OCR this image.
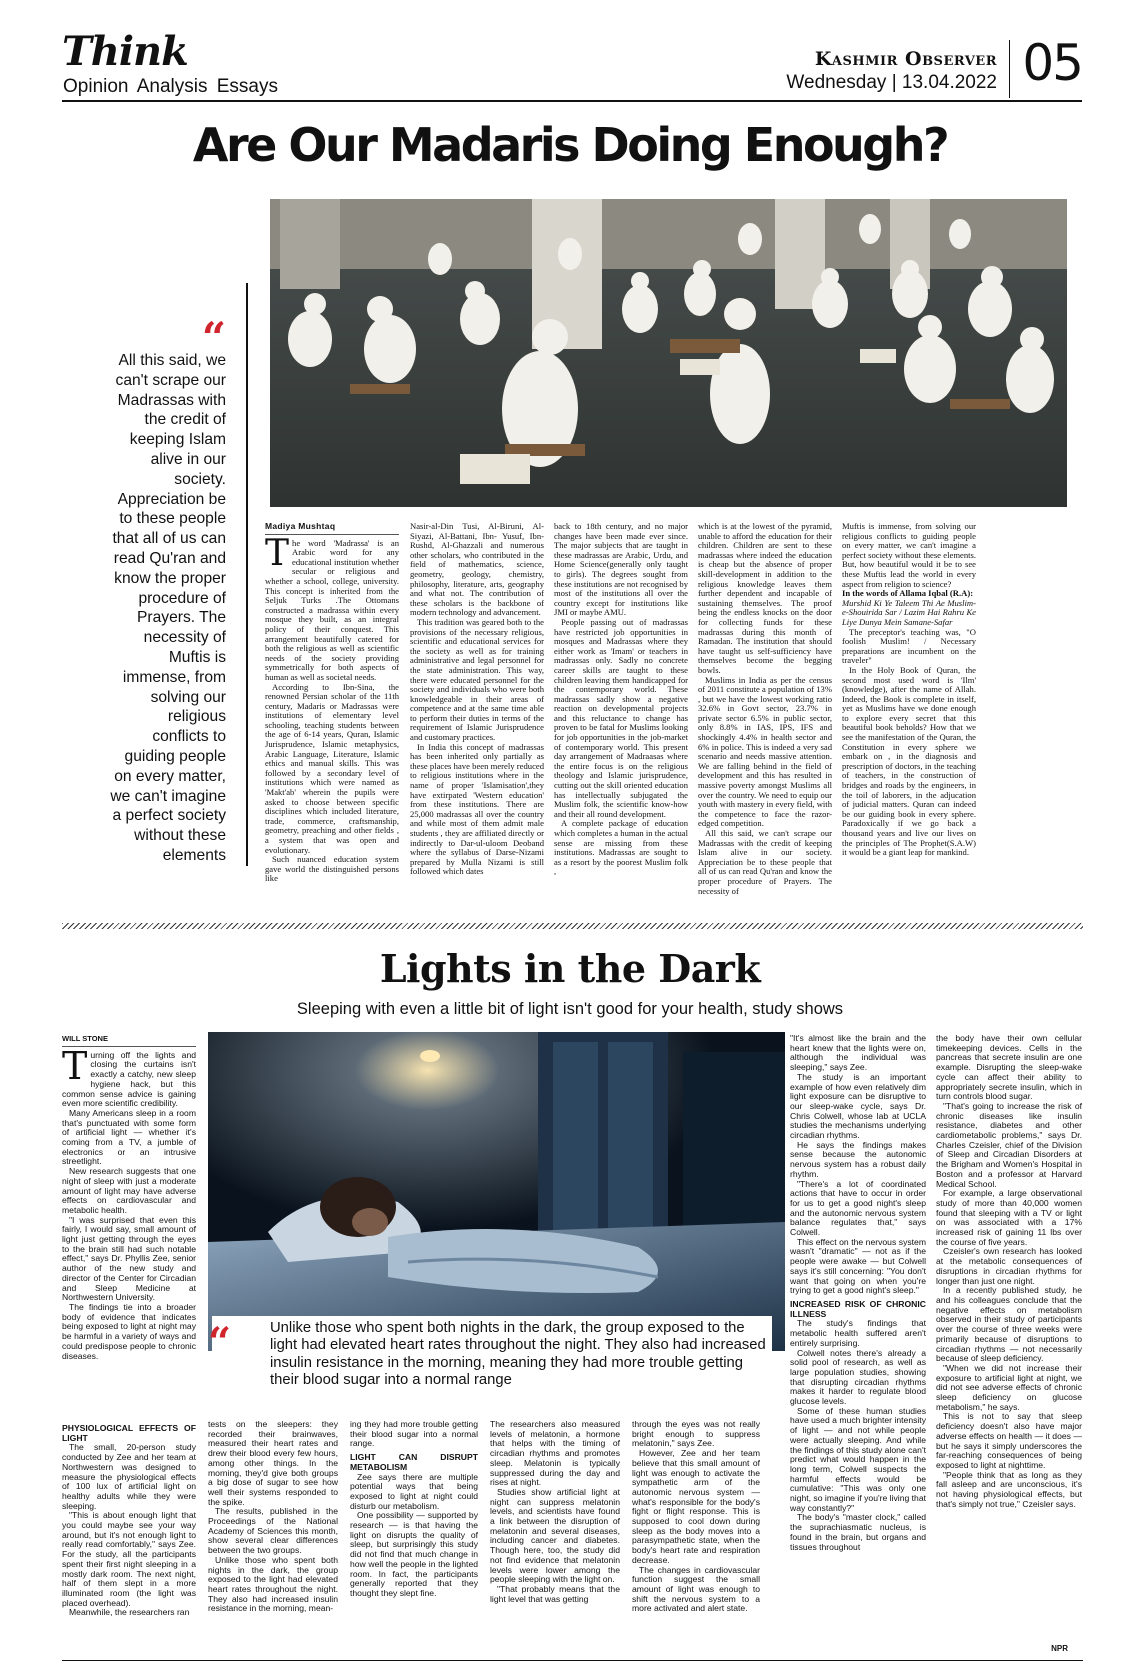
Think
Opinion Analysis Essays
Kashmir Observer
Wednesday | 13.04.2022 05
Are Our Madaris Doing Enough?
“
All this said, we can't scrape our Madrassas with the credit of keeping Islam alive in our society. Appreciation be to these people that all of us can read Qu'ran and know the proper procedure of Prayers. The necessity of Muftis is immense, from solving our religious conflicts to guiding people on every matter, we can't imagine a perfect society without these elements
Madiya Mushtaq

The word 'Madrassa' is an Arabic word for any educational institution whether secular or religious and whether a school, college, university. This concept is inherited from the Seljuk Turks .The Ottomans constructed a madrassa within every mosque they built, as an integral policy of their conquest. This arrangement beautifully catered for both the religious as well as scientific needs of the society providing symmetrically for both aspects of human as well as societal needs.

According to Ibn-Sina, the renowned Persian scholar of the 11th century, Madaris or Madrassas were institutions of elementary level schooling, teaching students between the age of 6-14 years, Quran, Islamic Jurisprudence, Islamic metaphysics, Arabic Language, Literature, Islamic ethics and manual skills. This was followed by a secondary level of institutions which were named as 'Makt'ab' wherein the pupils were asked to choose between specific disciplines which included literature, trade, commerce, craftsmanship, geometry, preaching and other fields , a system that was open and evolutionary.

Such nuanced education system gave world the distinguished persons like

Nasir-al-Din Tusi, Al-Biruni, Al-Siyazi, Al-Battani, Ibn- Yusuf, Ibn-Rushd, Al-Ghazzali and numerous other scholars, who contributed in the field of mathematics, science, geometry, geology, chemistry, philosophy, literature, arts, geography and what not. The contribution of these scholars is the backbone of modern technology and advancement.

This tradition was geared both to the provisions of the necessary religious, scientific and educational services for the society as well as for training administrative and legal personnel for the state administration. This way, there were educated personnel for the society and individuals who were both knowledgeable in their areas of competence and at the same time able to perform their duties in terms of the requirement of Islamic Jurisprudence and customary practices.

In India this concept of madrassas has been inherited only partially as these places have been merely reduced to religious institutions where in the name of proper 'Islamisation',they have extirpated 'Western education' from these institutions. There are 25,000 madrassas all over the country and while most of them admit male students , they are affiliated directly or indirectly to Dar-ul-uloom Deoband where the syllabus of Darse-Nizami prepared by Mulla Nizami is still followed which dates

back to 18th century, and no major changes have been made ever since. The major subjects that are taught in these madrassas are Arabic, Urdu, and Home Science(generally only taught to girls). The degrees sought from these institutions are not recognised by most of the institutions all over the country except for institutions like JMI or maybe AMU.

People passing out of madrassas have restricted job opportunities in mosques and Madrassas where they either work as 'Imam' or teachers in madrassas only. Sadly no concrete career skills are taught to these children leaving them handicapped for the contemporary world. These madrassas sadly show a negative reaction on developmental projects and this reluctance to change has proven to be fatal for Muslims looking for job opportunities in the job-market of contemporary world. This present day arrangement of Madraasas where the entire focus is on the religious theology and Islamic jurisprudence, cutting out the skill oriented education has intellectually subjugated the Muslim folk, the scientific know-how and their all round development.

A complete package of education which completes a human in the actual sense are missing from these institutions. Madrassas are sought to as a resort by the poorest Muslim folk ,

which is at the lowest of the pyramid, unable to afford the education for their children. Children are sent to these madrassas where indeed the education is cheap but the absence of proper skill-development in addition to the religious knowledge leaves them further dependent and incapable of sustaining themselves. The proof being the endless knocks on the door for collecting funds for these madrassas during this month of Ramadan. The institution that should have taught us self-sufficiency have themselves become the begging bowls.

Muslims in India as per the census of 2011 constitute a population of 13% , but we have the lowest working ratio 32.6% in Govt sector, 23.7% in private sector 6.5% in public sector, only 8.8% in IAS, IPS, IFS and shockingly 4.4% in health sector and 6% in police. This is indeed a very sad scenario and needs massive attention. We are falling behind in the field of development and this has resulted in massive poverty amongst Muslims all over the country. We need to equip our youth with mastery in every field, with the competence to face the razor-edged competition.

All this said, we can't scrape our Madrassas with the credit of keeping Islam alive in our society. Appreciation be to these people that all of us can read Qu'ran and know the proper procedure of Prayers. The necessity of

Muftis is immense, from solving our religious conflicts to guiding people on every matter, we can't imagine a perfect society without these elements. But, how beautiful would it be to see these Muftis lead the world in every aspect from religion to science?

In the words of Allama Iqbal (R.A):

Murshid Ki Ye Taleem Thi Ae Muslim-e-Shouirida Sar / Lazim Hai Rahru Ke Liye Dunya Mein Samane-Safar

The preceptor's teaching was, "O foolish Muslim! / Necessary preparations are incumbent on the traveler"

In the Holy Book of Quran, the second most used word is 'Ilm' (knowledge), after the name of Allah. Indeed, the Book is complete in itself, yet as Muslims have we done enough to explore every secret that this beautiful book beholds? How that we see the manifestation of the Quran, the Constitution in every sphere we embark on , in the diagnosis and prescription of doctors, in the teaching of teachers, in the construction of bridges and roads by the engineers, in the toil of laborers, in the adjucation of judicial matters. Quran can indeed be our guiding book in every sphere. Paradoxically if we go back a thousand years and live our lives on the principles of The Prophet(S.A.W) it would be a giant leap for mankind.

Lights in the Dark
Sleeping with even a little bit of light isn't good for your health, study shows
“	Unlike those who spent both nights in the dark, the group exposed to the light had elevated heart rates throughout the night. They also had increased insulin resistance in the morning, meaning they had more trouble getting their blood sugar into a normal range
WILL STONE

Turning off the lights and closing the curtains isn't exactly a catchy, new sleep hygiene hack, but this common sense advice is gaining even more scientific credibility.

Many Americans sleep in a room that's punctuated with some form of artificial light — whether it's coming from a TV, a jumble of electronics or an intrusive streetlight.

New research suggests that one night of sleep with just a moderate amount of light may have adverse effects on cardiovascular and metabolic health.

"I was surprised that even this fairly, I would say, small amount of light just getting through the eyes to the brain still had such notable effect," says Dr. Phyllis Zee, senior author of the new study and director of the Center for Circadian and Sleep Medicine at Northwestern University.

The findings tie into a broader body of evidence that indicates being exposed to light at night may be harmful in a variety of ways and could predispose people to chronic diseases.

PHYSIOLOGICAL EFFECTS OF LIGHT

The small, 20-person study conducted by Zee and her team at Northwestern was designed to measure the physiological effects of 100 lux of artificial light on healthy adults while they were sleeping.

"This is about enough light that you could maybe see your way around, but it's not enough light to really read comfortably," says Zee. For the study, all the participants spent their first night sleeping in a mostly dark room. The next night, half of them slept in a more illuminated room (the light was placed overhead).

Meanwhile, the researchers ran

tests on the sleepers: they recorded their brainwaves, measured their heart rates and drew their blood every few hours, among other things. In the morning, they'd give both groups a big dose of sugar to see how well their systems responded to the spike.

The results, published in the Proceedings of the National Academy of Sciences this month, show several clear differences between the two groups.

Unlike those who spent both nights in the dark, the group exposed to the light had elevated heart rates throughout the night. They also had increased insulin resistance in the morning, mean-

ing they had more trouble getting their blood sugar into a normal range.

LIGHT CAN DISRUPT METABOLISM

Zee says there are multiple potential ways that being exposed to light at night could disturb our metabolism.

One possibility — supported by research — is that having the light on disrupts the quality of sleep, but surprisingly this study did not find that much change in how well the people in the lighted room. In fact, the participants generally reported that they thought they slept fine.

The researchers also measured levels of melatonin, a hormone that helps with the timing of circadian rhythms and promotes sleep. Melatonin is typically suppressed during the day and rises at night.

Studies show artificial light at night can suppress melatonin levels, and scientists have found a link between the disruption of melatonin and several diseases, including cancer and diabetes. Though here, too, the study did not find evidence that melatonin levels were lower among the people sleeping with the light on.

"That probably means that the light level that was getting

through the eyes was not really bright enough to suppress melatonin," says Zee.

However, Zee and her team believe that this small amount of light was enough to activate the sympathetic arm of the autonomic nervous system — what's responsible for the body's fight or flight response. This is supposed to cool down during sleep as the body moves into a parasympathetic state, when the body's heart rate and respiration decrease.

The changes in cardiovascular function suggest the small amount of light was enough to shift the nervous system to a more activated and alert state.

"It's almost like the brain and the heart knew that the lights were on, although the individual was sleeping," says Zee.

The study is an important example of how even relatively dim light exposure can be disruptive to our sleep-wake cycle, says Dr. Chris Colwell, whose lab at UCLA studies the mechanisms underlying circadian rhythms.

He says the findings makes sense because the autonomic nervous system has a robust daily rhythm.

"There's a lot of coordinated actions that have to occur in order for us to get a good night's sleep and the autonomic nervous system balance regulates that," says Colwell.

This effect on the nervous system wasn't "dramatic" — not as if the people were awake — but Colwell says it's still concerning: "You don't want that going on when you're trying to get a good night's sleep."

INCREASED RISK OF CHRONIC ILLNESS

The study's findings that metabolic health suffered aren't entirely surprising.

Colwell notes there's already a solid pool of research, as well as large population studies, showing that disrupting circadian rhythms makes it harder to regulate blood glucose levels.

Some of these human studies have used a much brighter intensity of light — and not while people were actually sleeping. And while the findings of this study alone can't predict what would happen in the long term, Colwell suspects the harmful effects would be cumulative: "This was only one night, so imagine if you're living that way constantly?"

The body's "master clock," called the suprachiasmatic nucleus, is found in the brain, but organs and tissues throughout

the body have their own cellular timekeeping devices. Cells in the pancreas that secrete insulin are one example. Disrupting the sleep-wake cycle can affect their ability to appropriately secrete insulin, which in turn controls blood sugar.

"That's going to increase the risk of chronic diseases like insulin resistance, diabetes and other cardiometabolic problems," says Dr. Charles Czeisler, chief of the Division of Sleep and Circadian Disorders at the Brigham and Women's Hospital in Boston and a professor at Harvard Medical School.

For example, a large observational study of more than 40,000 women found that sleeping with a TV or light on was associated with a 17% increased risk of gaining 11 lbs over the course of five years.

Czeisler's own research has looked at the metabolic consequences of disruptions in circadian rhythms for longer than just one night.

In a recently published study, he and his colleagues conclude that the negative effects on metabolism observed in their study of participants over the course of three weeks were primarily because of disruptions to circadian rhythms — not necessarily because of sleep deficiency.

"When we did not increase their exposure to artificial light at night, we did not see adverse effects of chronic sleep deficiency on glucose metabolism," he says.

This is not to say that sleep deficiency doesn't also have major adverse effects on health — it does — but he says it simply underscores the far-reaching consequences of being exposed to light at nighttime.

"People think that as long as they fall asleep and are unconscious, it's not having physiological effects, but that's simply not true," Czeisler says.

NPR
